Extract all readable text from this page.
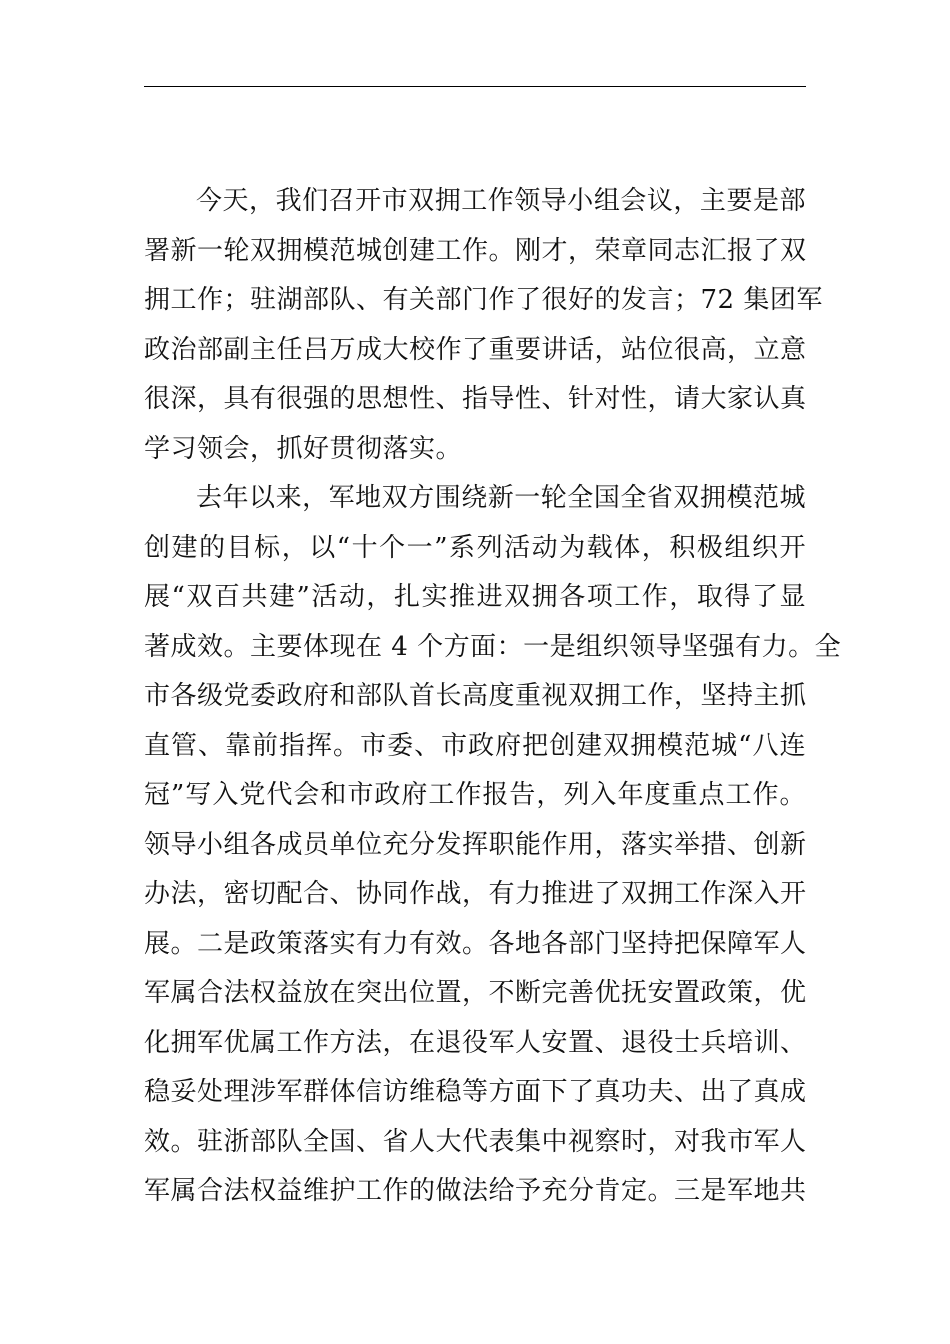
今天，我们召开市双拥工作领导小组会议，主要是部
署新一轮双拥模范城创建工作。刚才，荣章同志汇报了双
拥工作；驻湖部队、有关部门作了很好的发言；72 集团军
政治部副主任吕万成大校作了重要讲话，站位很高，立意
很深，具有很强的思想性、指导性、针对性，请大家认真
学习领会，抓好贯彻落实。
去年以来，军地双方围绕新一轮全国全省双拥模范城
创建的目标，以“十个一”系列活动为载体，积极组织开
展“双百共建”活动，扎实推进双拥各项工作，取得了显
著成效。主要体现在 4 个方面：一是组织领导坚强有力。全
市各级党委政府和部队首长高度重视双拥工作，坚持主抓
直管、靠前指挥。市委、市政府把创建双拥模范城“八连
冠”写入党代会和市政府工作报告，列入年度重点工作。
领导小组各成员单位充分发挥职能作用，落实举措、创新
办法，密切配合、协同作战，有力推进了双拥工作深入开
展。二是政策落实有力有效。各地各部门坚持把保障军人
军属合法权益放在突出位置，不断完善优抚安置政策，优
化拥军优属工作方法，在退役军人安置、退役士兵培训、
稳妥处理涉军群体信访维稳等方面下了真功夫、出了真成
效。驻浙部队全国、省人大代表集中视察时，对我市军人
军属合法权益维护工作的做法给予充分肯定。三是军地共
